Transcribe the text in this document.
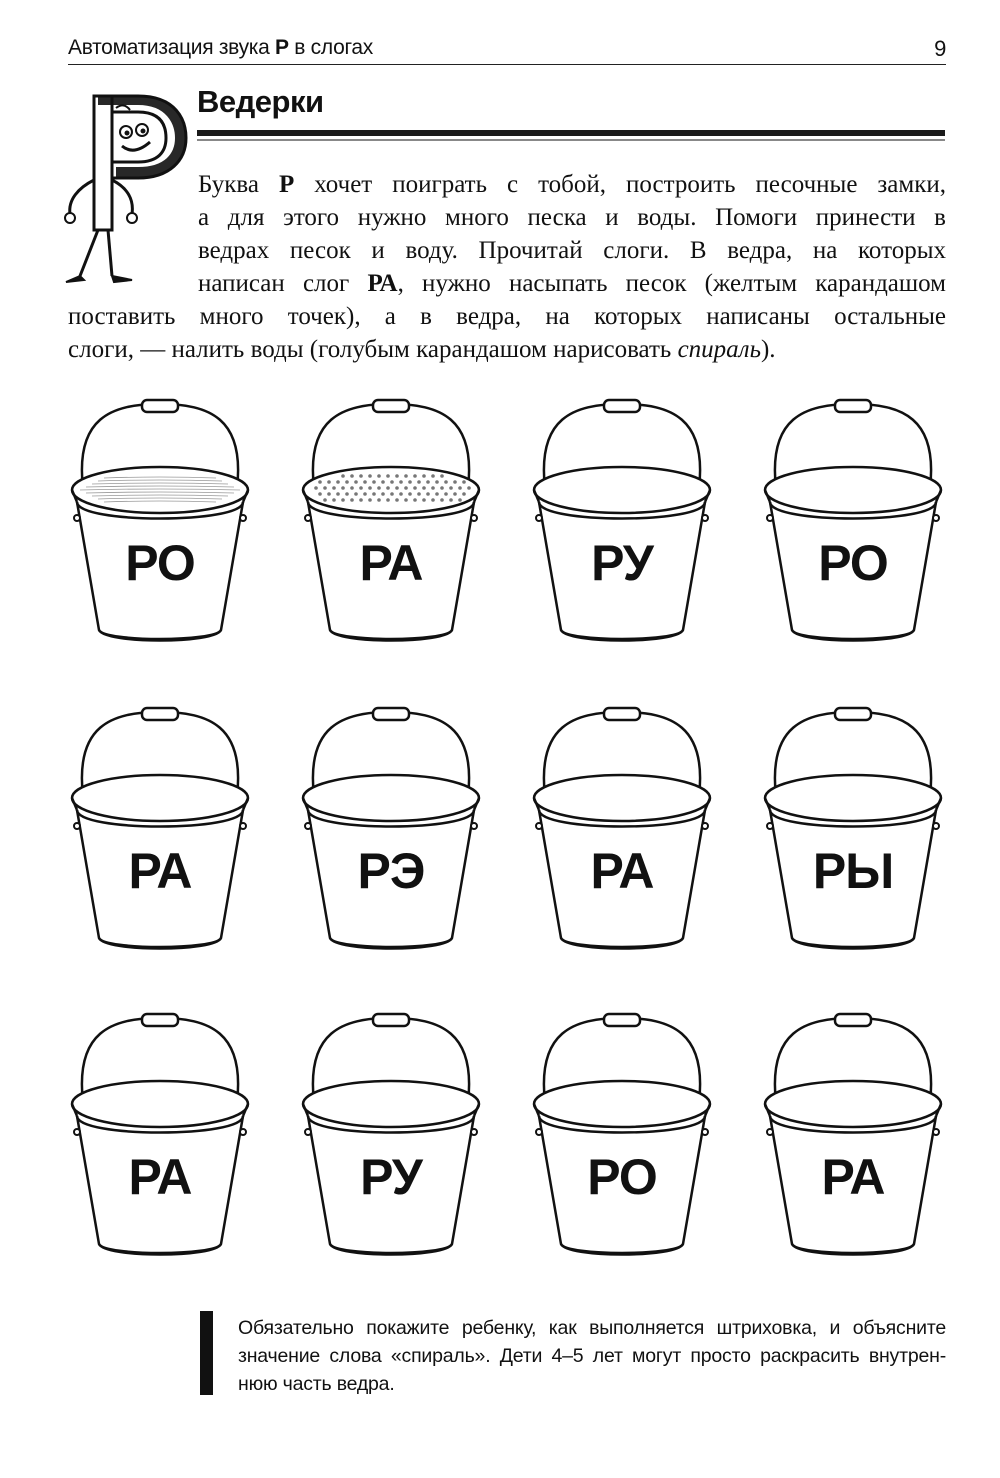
Автоматизация звука Р в слогах	9
Ведерки
Буква Р хочет поиграть с тобой, построить песочные замки,
а для этого нужно много песка и воды. Помоги принести в
ведрах песок и воду. Прочитай слоги. В ведра, на которых
написан слог РА, нужно насыпать песок (желтым карандашом
поставить много точек), а в ведра, на которых написаны остальные
слоги, — налить воды (голубым карандашом нарисовать спираль).
РО	РА	РУ	РО
РА	РЭ	РА	РЫ
РА	РУ	РО	РА
Обязательно покажите ребенку, как выполняется штриховка, и объясните
значение слова «спираль». Дети 4–5 лет могут просто раскрасить внутрен-
нюю часть ведра.
